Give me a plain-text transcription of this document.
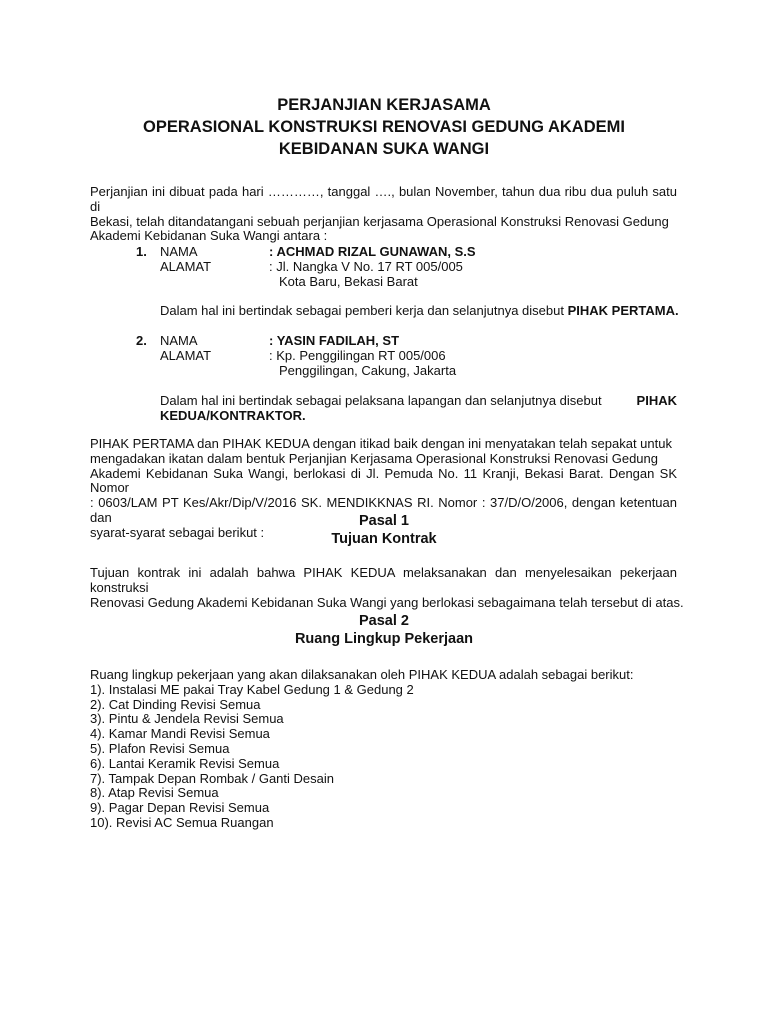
PERJANJIAN KERJASAMA
OPERASIONAL KONSTRUKSI RENOVASI GEDUNG AKADEMI
KEBIDANAN SUKA WANGI
Perjanjian ini dibuat pada hari …………, tanggal …., bulan November, tahun dua ribu dua puluh satu di
Bekasi, telah ditandatangani sebuah perjanjian kerjasama Operasional Konstruksi Renovasi Gedung
Akademi Kebidanan Suka Wangi antara :
1. NAMA	: ACHMAD RIZAL GUNAWAN, S.S
ALAMAT	: Jl. Nangka V No. 17 RT 005/005
Kota Baru, Bekasi Barat
Dalam hal ini bertindak sebagai pemberi kerja dan selanjutnya disebut PIHAK PERTAMA.
2. NAMA	: YASIN FADILAH, ST
ALAMAT	: Kp. Penggilingan RT 005/006
Penggilingan, Cakung, Jakarta
Dalam hal ini bertindak sebagai pelaksana lapangan dan selanjutnya disebut	PIHAK
KEDUA/KONTRAKTOR.
PIHAK PERTAMA dan PIHAK KEDUA dengan itikad baik dengan ini menyatakan telah sepakat untuk
mengadakan ikatan dalam bentuk Perjanjian Kerjasama Operasional Konstruksi Renovasi Gedung
Akademi Kebidanan Suka Wangi, berlokasi di Jl. Pemuda No. 11 Kranji, Bekasi Barat. Dengan SK Nomor
: 0603/LAM PT Kes/Akr/Dip/V/2016 SK. MENDIKKNAS RI. Nomor : 37/D/O/2006, dengan ketentuan dan
syarat-syarat sebagai berikut :
Pasal 1
Tujuan Kontrak
Tujuan kontrak ini adalah bahwa PIHAK KEDUA melaksanakan dan menyelesaikan pekerjaan konstruksi
Renovasi Gedung Akademi Kebidanan Suka Wangi yang berlokasi sebagaimana telah tersebut di atas.
Pasal 2
Ruang Lingkup Pekerjaan
Ruang lingkup pekerjaan yang akan dilaksanakan oleh PIHAK KEDUA adalah sebagai berikut:
1). Instalasi ME pakai Tray Kabel Gedung 1 & Gedung 2
2). Cat Dinding Revisi Semua
3). Pintu & Jendela Revisi Semua
4). Kamar Mandi Revisi Semua
5). Plafon Revisi Semua
6). Lantai Keramik Revisi Semua
7). Tampak Depan Rombak / Ganti Desain
8). Atap Revisi Semua
9). Pagar Depan Revisi Semua
10). Revisi AC Semua Ruangan
